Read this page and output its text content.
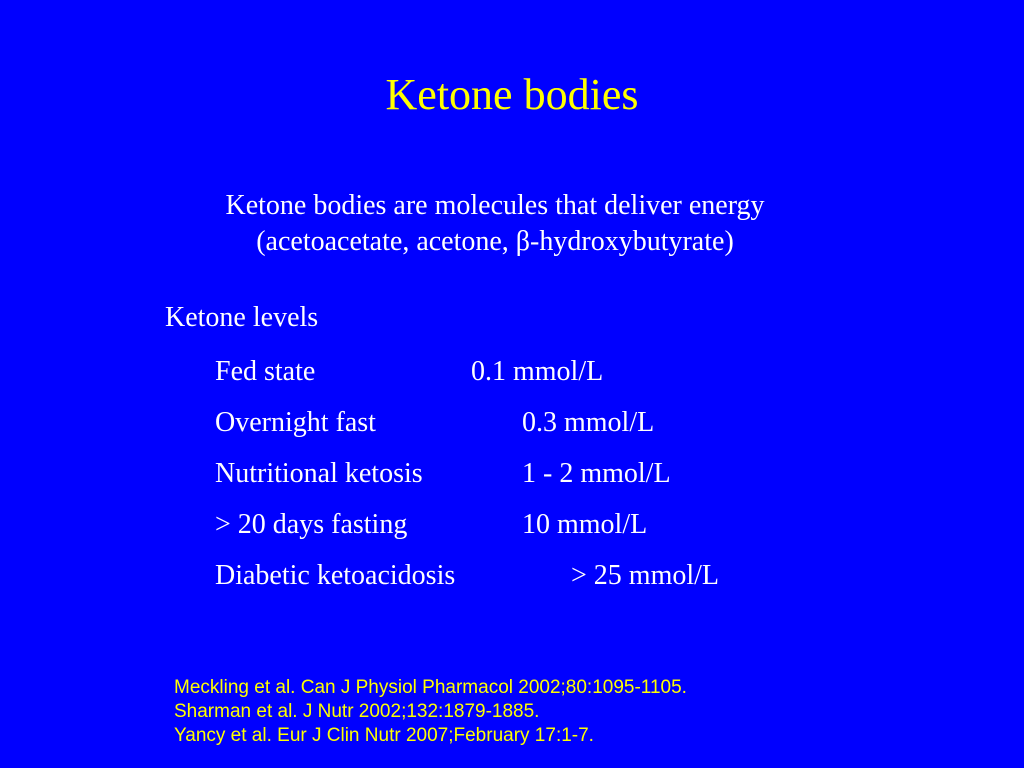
Ketone bodies
Ketone bodies are molecules that deliver energy
(acetoacetate, acetone, β-hydroxybutyrate)
Ketone levels
Fed state	0.1 mmol/L
Overnight fast	0.3 mmol/L
Nutritional ketosis	1 - 2 mmol/L
> 20 days fasting	10 mmol/L
Diabetic ketoacidosis	> 25 mmol/L
Meckling et al. Can J Physiol Pharmacol 2002;80:1095-1105.
Sharman et al. J Nutr 2002;132:1879-1885.
Yancy et al. Eur J Clin Nutr 2007;February 17:1-7.
